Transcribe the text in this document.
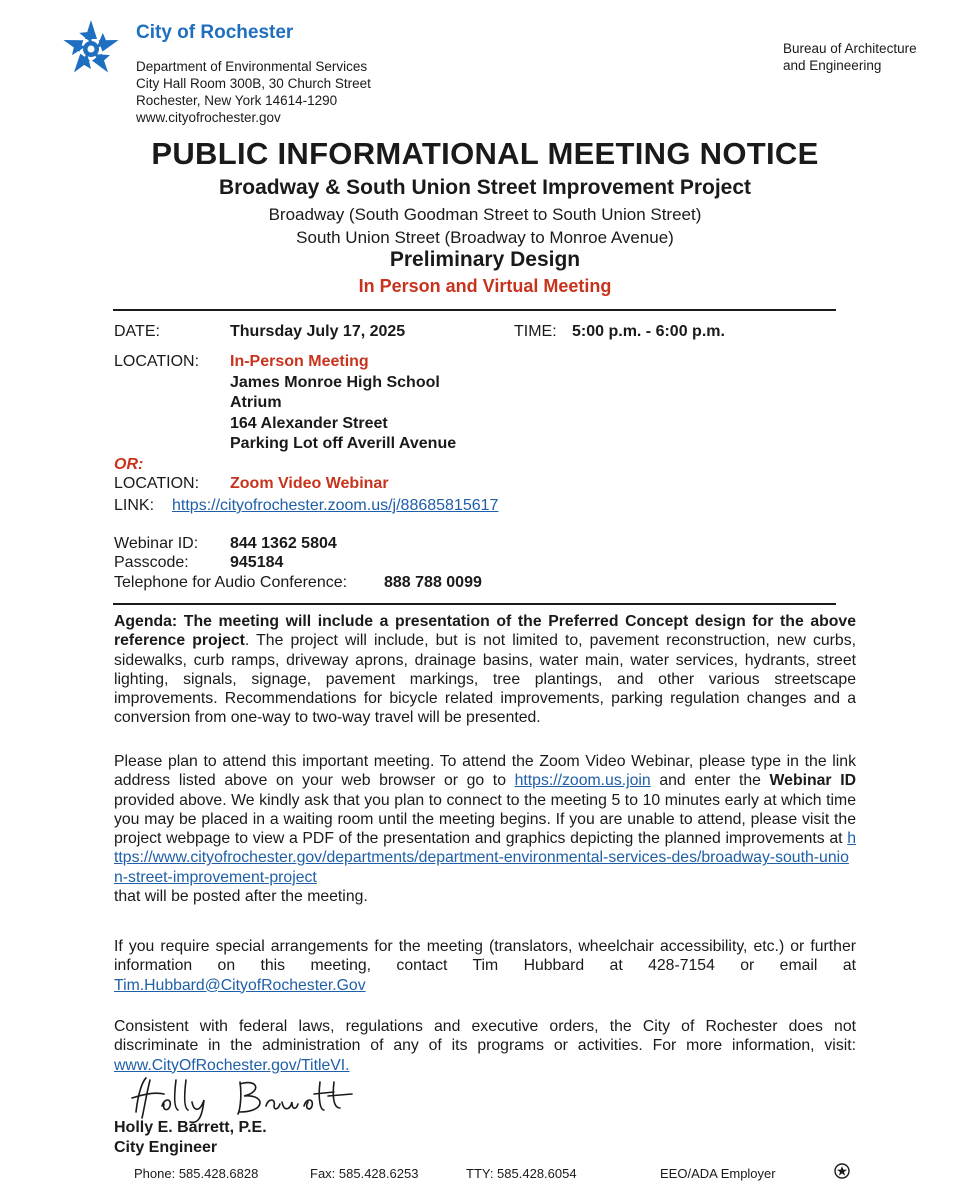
City of Rochester
Department of Environmental Services
City Hall Room 300B, 30 Church Street
Rochester, New York 14614-1290
www.cityofrochester.gov
Bureau of Architecture
and Engineering
PUBLIC INFORMATIONAL MEETING NOTICE
Broadway & South Union Street Improvement Project
Broadway (South Goodman Street to South Union Street)
South Union Street (Broadway to Monroe Avenue)
Preliminary Design
In Person and Virtual Meeting
DATE:	Thursday July 17, 2025	TIME: 5:00 p.m. - 6:00 p.m.
LOCATION: In-Person Meeting
James Monroe High School
Atrium
164 Alexander Street
Parking Lot off Averill Avenue
OR:
LOCATION: Zoom Video Webinar
LINK: https://cityofrochester.zoom.us/j/88685815617
Webinar ID: 844 1362 5804
Passcode:	945184
Telephone for Audio Conference: 888 788 0099

Agenda: The meeting will include a presentation of the Preferred Concept design for the above reference project. The project will include, but is not limited to, pavement reconstruction, new curbs, sidewalks, curb ramps, driveway aprons, drainage basins, water main, water services, hydrants, street lighting, signals, signage, pavement markings, tree plantings, and other various streetscape improvements. Recommendations for bicycle related improvements, parking regulation changes and a conversion from one-way to two-way travel will be presented.

Please plan to attend this important meeting. To attend the Zoom Video Webinar, please type in the link address listed above on your web browser or go to https://zoom.us.join and enter the Webinar ID provided above. We kindly ask that you plan to connect to the meeting 5 to 10 minutes early at which time you may be placed in a waiting room until the meeting begins. If you are unable to attend, please visit the project webpage to view a PDF of the presentation and graphics depicting the planned improvements at https://www.cityofrochester.gov/departments/department-environmental-services-des/broadway-south-union-street-improvement-project
that will be posted after the meeting.

If you require special arrangements for the meeting (translators, wheelchair accessibility, etc.) or further information on this meeting, contact Tim Hubbard at 428-7154 or email at Tim.Hubbard@CityofRochester.Gov

Consistent with federal laws, regulations and executive orders, the City of Rochester does not discriminate in the administration of any of its programs or activities. For more information, visit: www.CityOfRochester.gov/TitleVI.

Holly E. Barrett, P.E.
City Engineer
Phone: 585.428.6828	Fax: 585.428.6253	TTY: 585.428.6054	EEO/ADA Employer
